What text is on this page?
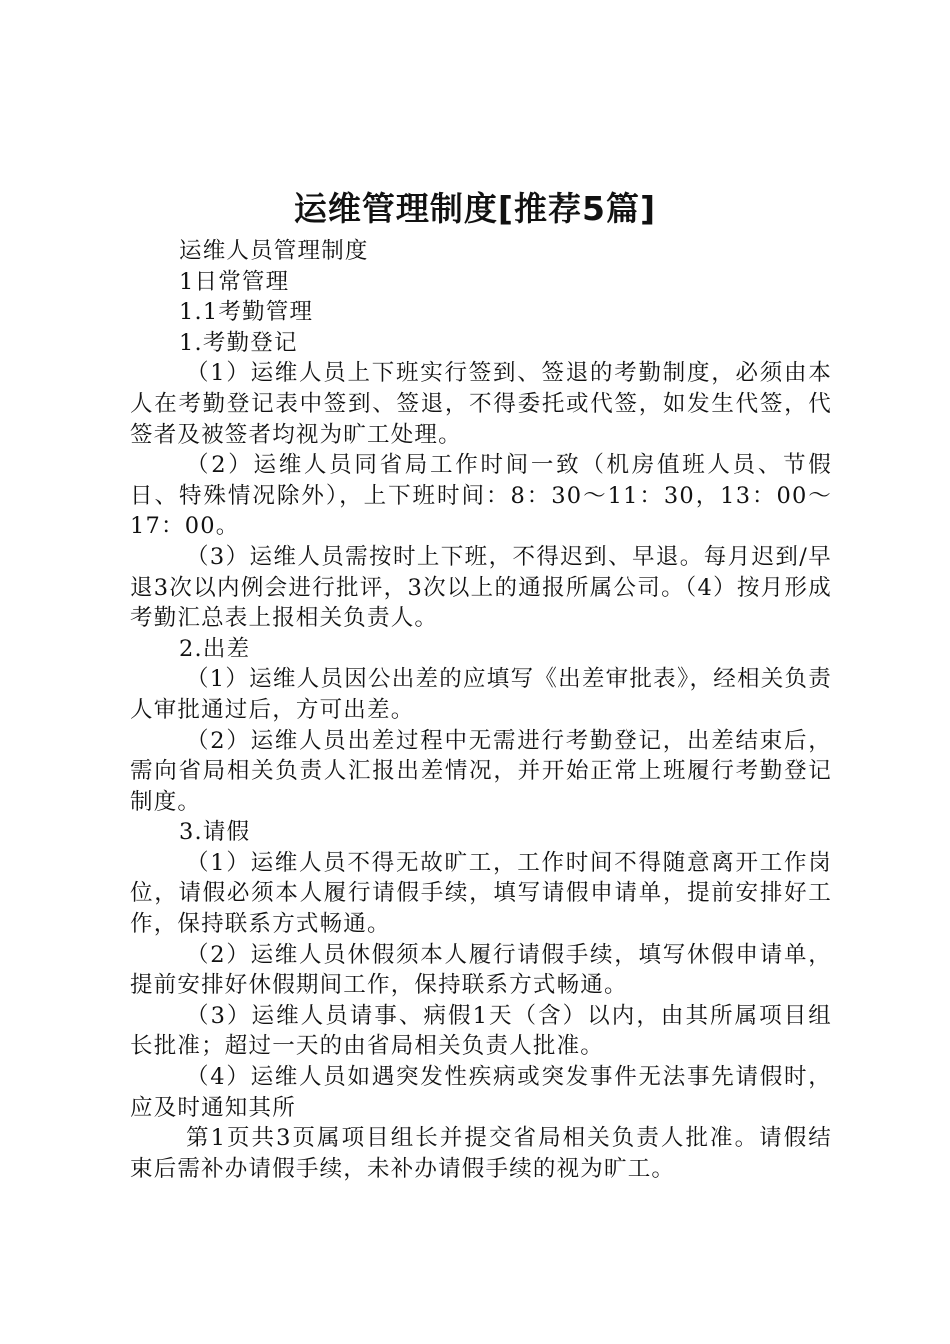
运维管理制度[推荐5篇]

运维人员管理制度

1日常管理

1.1考勤管理

1.考勤登记

（1）运维人员上下班实行签到、签退的考勤制度，必须由本人在考勤登记表中签到、签退，不得委托或代签，如发生代签，代签者及被签者均视为旷工处理。

（2）运维人员同省局工作时间一致（机房值班人员、节假日、特殊情况除外），上下班时间：8：30～11：30，13：00～17：00。

（3）运维人员需按时上下班，不得迟到、早退。每月迟到/早退3次以内例会进行批评，3次以上的通报所属公司。（4）按月形成考勤汇总表上报相关负责人。

2.出差

（1）运维人员因公出差的应填写《出差审批表》，经相关负责人审批通过后，方可出差。

（2）运维人员出差过程中无需进行考勤登记，出差结束后，需向省局相关负责人汇报出差情况，并开始正常上班履行考勤登记制度。

3.请假

（1）运维人员不得无故旷工，工作时间不得随意离开工作岗位，请假必须本人履行请假手续，填写请假申请单，提前安排好工作，保持联系方式畅通。

（2）运维人员休假须本人履行请假手续，填写休假申请单，提前安排好休假期间工作，保持联系方式畅通。

（3）运维人员请事、病假1天（含）以内，由其所属项目组长批准；超过一天的由省局相关负责人批准。

（4）运维人员如遇突发性疾病或突发事件无法事先请假时，应及时通知其所

第1页共3页属项目组长并提交省局相关负责人批准。请假结束后需补办请假手续，未补办请假手续的视为旷工。
